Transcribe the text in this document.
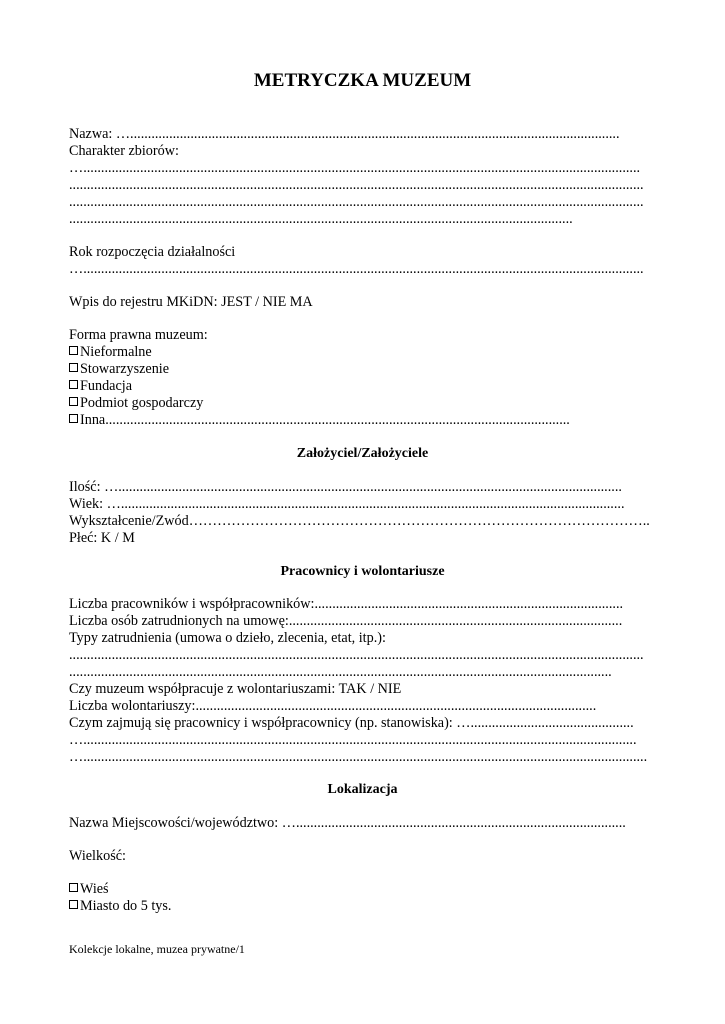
METRYCZKA MUZEUM
Nazwa: …..........................................................................................................................................
Charakter zbiorów:
….............................................................................................................................................................
..................................................................................................................................................................
..................................................................................................................................................................
..............................................................................................................................................
Rok rozpoczęcia działalności
…..............................................................................................................................................................
Wpis do rejestru MKiDN: JEST / NIE MA
Forma prawna muzeum:
Nieformalne
Stowarzyszenie
Fundacja
Podmiot gospodarczy
Inna...................................................................................................................................
Założyciel/Założyciele
Ilość: …..............................................................................................................................................
Wiek: …..............................................................................................................................................
Wykształcenie/Zwód……………………………………………………………………………………..
Płeć: K / M
Pracownicy i wolontariusze
Liczba pracowników i współpracowników:.......................................................................................
Liczba osób zatrudnionych na umowę:..............................................................................................
Typy zatrudnienia (umowa o dzieło, zlecenia, etat, itp.):
..................................................................................................................................................................
.........................................................................................................................................................
Czy muzeum współpracuje z wolontariuszami: TAK / NIE
Liczba wolontariuszy:.................................................................................................................
Czym zajmują się pracownicy i współpracownicy (np. stanowiska): …..............................................
…............................................................................................................................................................
…...............................................................................................................................................................
Lokalizacja
Nazwa Miejscowości/województwo: ….............................................................................................
Wielkość:
Wieś
Miasto do 5 tys.
Kolekcje lokalne, muzea prywatne/1
